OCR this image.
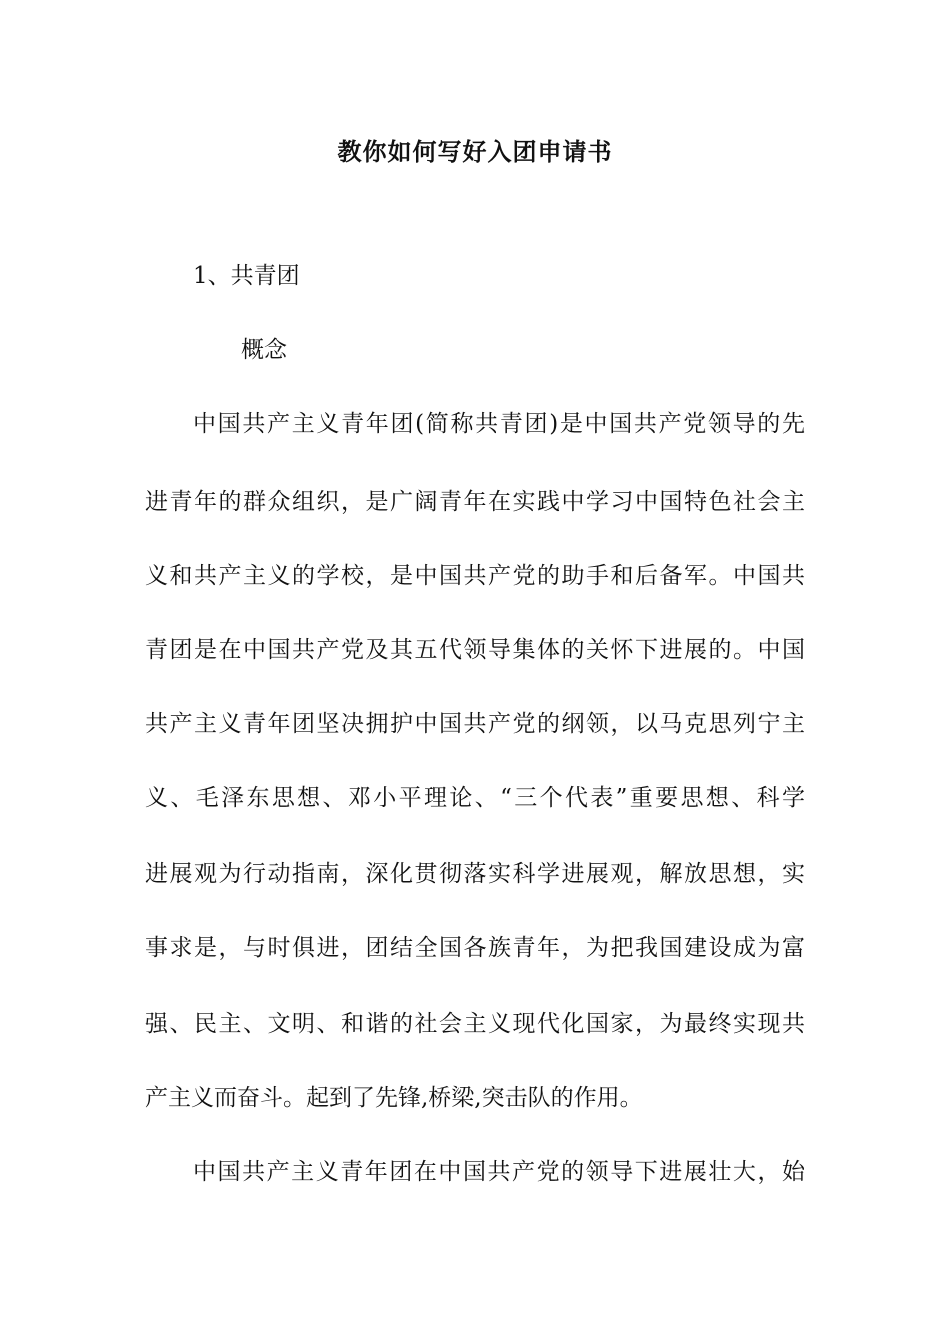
教你如何写好入团申请书
1、共青团
概念
中国共产主义青年团(简称共青团)是中国共产党领导的先
进青年的群众组织，是广阔青年在实践中学习中国特色社会主
义和共产主义的学校，是中国共产党的助手和后备军。中国共
青团是在中国共产党及其五代领导集体的关怀下进展的。中国
共产主义青年团坚决拥护中国共产党的纲领，以马克思列宁主
义、毛泽东思想、邓小平理论、“三个代表”重要思想、科学
进展观为行动指南，深化贯彻落实科学进展观，解放思想，实
事求是，与时俱进，团结全国各族青年，为把我国建设成为富
强、民主、文明、和谐的社会主义现代化国家，为最终实现共
产主义而奋斗。起到了先锋,桥梁,突击队的作用。
中国共产主义青年团在中国共产党的领导下进展壮大，始
